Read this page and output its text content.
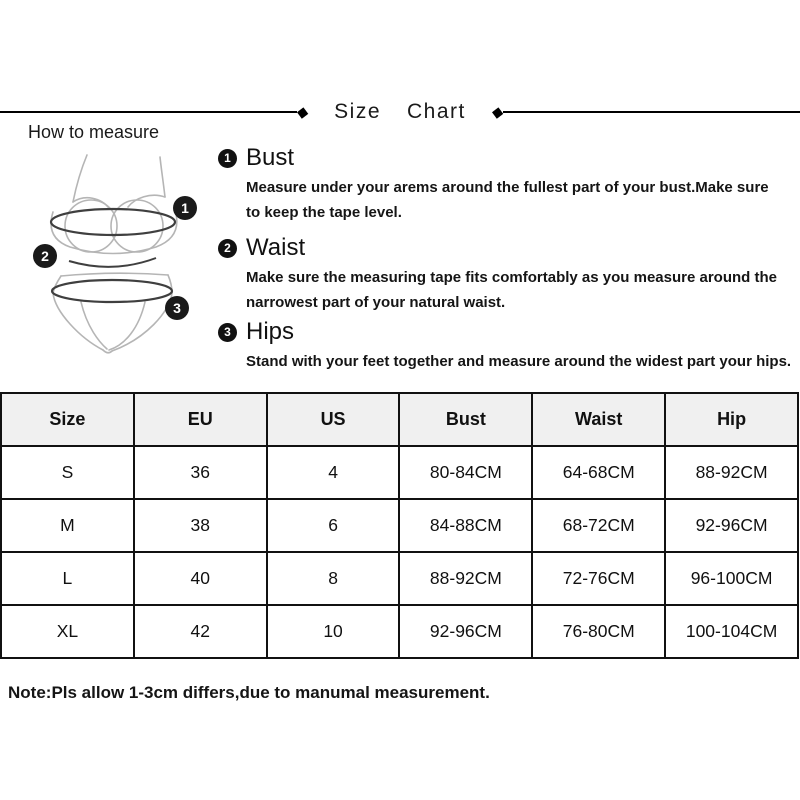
◆ Size Chart ◆
How to measure
1
2
3
1 Bust
Measure under your arems around the fullest part of your bust.Make sure
to keep the tape level.
2 Waist
Make sure the measuring tape fits comfortably as you measure around the
narrowest part of your natural waist.
3 Hips
Stand with your feet together and measure around the widest part your hips.
Size	EU	US	Bust	Waist	Hip
S	36	4	80-84CM	64-68CM	88-92CM
M	38	6	84-88CM	68-72CM	92-96CM
L	40	8	88-92CM	72-76CM	96-100CM
XL	42	10	92-96CM	76-80CM	100-104CM
Note:Pls allow 1-3cm differs,due to manumal measurement.
